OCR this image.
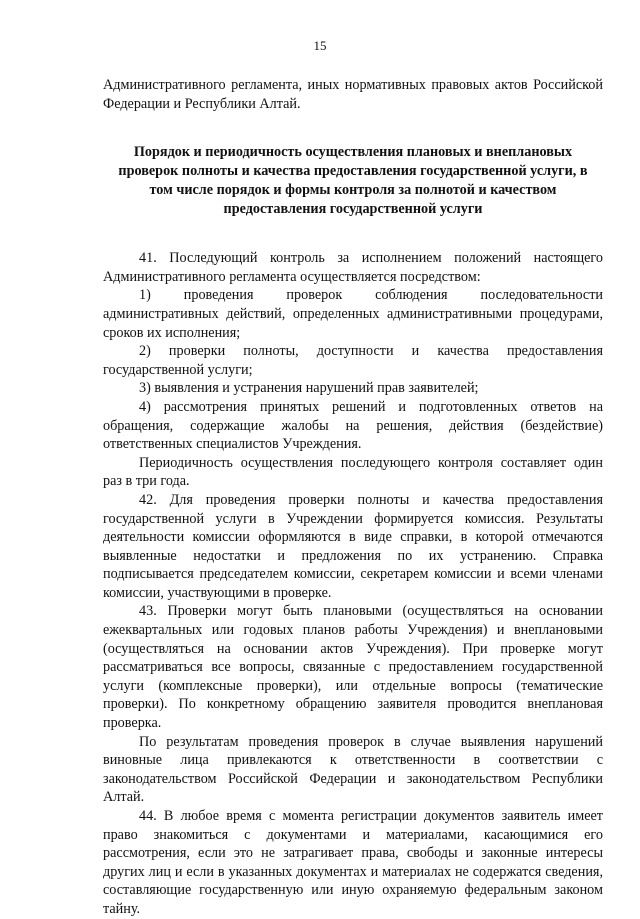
15

Административного регламента, иных нормативных правовых актов Российской Федерации и Республики Алтай.

Порядок и периодичность осуществления плановых и внеплановых проверок полноты и качества предоставления государственной услуги, в том числе порядок и формы контроля за полнотой и качеством предоставления государственной услуги

41. Последующий контроль за исполнением положений настоящего Административного регламента осуществляется посредством:

1) проведения проверок соблюдения последовательности административных действий, определенных административными процедурами, сроков их исполнения;

2) проверки полноты, доступности и качества предоставления государственной услуги;

3) выявления и устранения нарушений прав заявителей;

4) рассмотрения принятых решений и подготовленных ответов на обращения, содержащие жалобы на решения, действия (бездействие) ответственных специалистов Учреждения.

Периодичность осуществления последующего контроля составляет один раз в три года.

42. Для проведения проверки полноты и качества предоставления государственной услуги в Учреждении формируется комиссия. Результаты деятельности комиссии оформляются в виде справки, в которой отмечаются выявленные недостатки и предложения по их устранению. Справка подписывается председателем комиссии, секретарем комиссии и всеми членами комиссии, участвующими в проверке.

43. Проверки могут быть плановыми (осуществляться на основании ежеквартальных или годовых планов работы Учреждения) и внеплановыми (осуществляться на основании актов Учреждения). При проверке могут рассматриваться все вопросы, связанные с предоставлением государственной услуги (комплексные проверки), или отдельные вопросы (тематические проверки). По конкретному обращению заявителя проводится внеплановая проверка.

По результатам проведения проверок в случае выявления нарушений виновные лица привлекаются к ответственности в соответствии с законодательством Российской Федерации и законодательством Республики Алтай.

44. В любое время с момента регистрации документов заявитель имеет право знакомиться с документами и материалами, касающимися его рассмотрения, если это не затрагивает права, свободы и законные интересы других лиц и если в указанных документах и материалах не содержатся сведения, составляющие государственную или иную охраняемую федеральным законом тайну.
